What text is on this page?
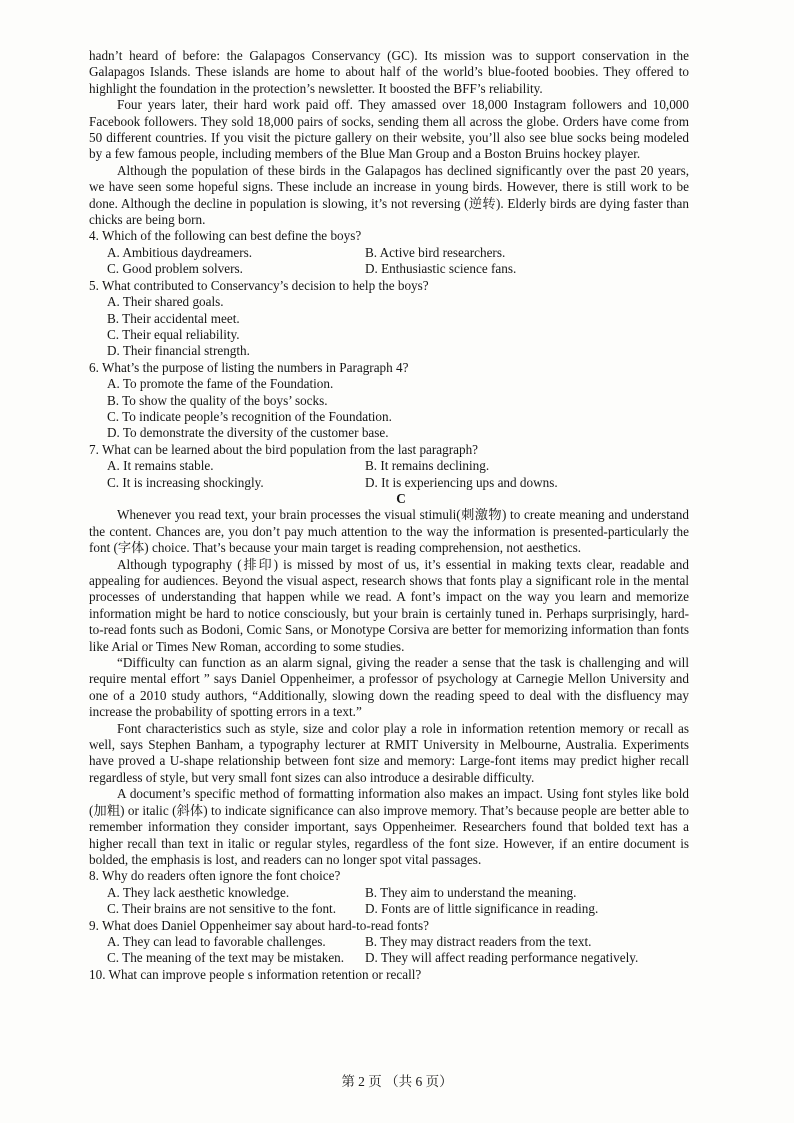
hadn’t heard of before: the Galapagos Conservancy (GC). Its mission was to support conservation in the Galapagos Islands. These islands are home to about half of the world’s blue-footed boobies. They offered to highlight the foundation in the protection’s newsletter. It boosted the BFF’s reliability.

Four years later, their hard work paid off. They amassed over 18,000 Instagram followers and 10,000 Facebook followers. They sold 18,000 pairs of socks, sending them all across the globe. Orders have come from 50 different countries. If you visit the picture gallery on their website, you’ll also see blue socks being modeled by a few famous people, including members of the Blue Man Group and a Boston Bruins hockey player.

Although the population of these birds in the Galapagos has declined significantly over the past 20 years, we have seen some hopeful signs. These include an increase in young birds. However, there is still work to be done. Although the decline in population is slowing, it’s not reversing (逆转). Elderly birds are dying faster than chicks are being born.

4. Which of the following can best define the boys?

A. Ambitious daydreamers.	B. Active bird researchers.
C. Good problem solvers.	D. Enthusiastic science fans.

5. What contributed to Conservancy’s decision to help the boys?

A. Their shared goals.

B. Their accidental meet.

C. Their equal reliability.

D. Their financial strength.

6. What’s the purpose of listing the numbers in Paragraph 4?

A. To promote the fame of the Foundation.

B. To show the quality of the boys’ socks.

C. To indicate people’s recognition of the Foundation.

D. To demonstrate the diversity of the customer base.

7. What can be learned about the bird population from the last paragraph?

A. It remains stable.	B. It remains declining.
C. It is increasing shockingly.	D. It is experiencing ups and downs.

C

Whenever you read text, your brain processes the visual stimuli(刺激物) to create meaning and understand the content. Chances are, you don’t pay much attention to the way the information is presented-particularly the font (字体) choice. That’s because your main target is reading comprehension, not aesthetics.

Although typography (排印) is missed by most of us, it’s essential in making texts clear, readable and appealing for audiences. Beyond the visual aspect, research shows that fonts play a significant role in the mental processes of understanding that happen while we read. A font’s impact on the way you learn and memorize information might be hard to notice consciously, but your brain is certainly tuned in. Perhaps surprisingly, hard-to-read fonts such as Bodoni, Comic Sans, or Monotype Corsiva are better for memorizing information than fonts like Arial or Times New Roman, according to some studies.

“Difficulty can function as an alarm signal, giving the reader a sense that the task is challenging and will require mental effort ” says Daniel Oppenheimer, a professor of psychology at Carnegie Mellon University and one of a 2010 study authors, “Additionally, slowing down the reading speed to deal with the disfluency may increase the probability of spotting errors in a text.”

Font characteristics such as style, size and color play a role in information retention memory or recall as well, says Stephen Banham, a typography lecturer at RMIT University in Melbourne, Australia. Experiments have proved a U-shape relationship between font size and memory: Large-font items may predict higher recall regardless of style, but very small font sizes can also introduce a desirable difficulty.

A document’s specific method of formatting information also makes an impact. Using font styles like bold (加粗) or italic (斜体) to indicate significance can also improve memory. That’s because people are better able to remember information they consider important, says Oppenheimer. Researchers found that bolded text has a higher recall than text in italic or regular styles, regardless of the font size. However, if an entire document is bolded, the emphasis is lost, and readers can no longer spot vital passages.

8. Why do readers often ignore the font choice?

A. They lack aesthetic knowledge.	B. They aim to understand the meaning.
C. Their brains are not sensitive to the font.	D. Fonts are of little significance in reading.

9. What does Daniel Oppenheimer say about hard-to-read fonts?

A. They can lead to favorable challenges.	B. They may distract readers from the text.
C. The meaning of the text may be mistaken.	D. They will affect reading performance negatively.

10. What can improve people s information retention or recall?

第 2 页 （共 6 页）
